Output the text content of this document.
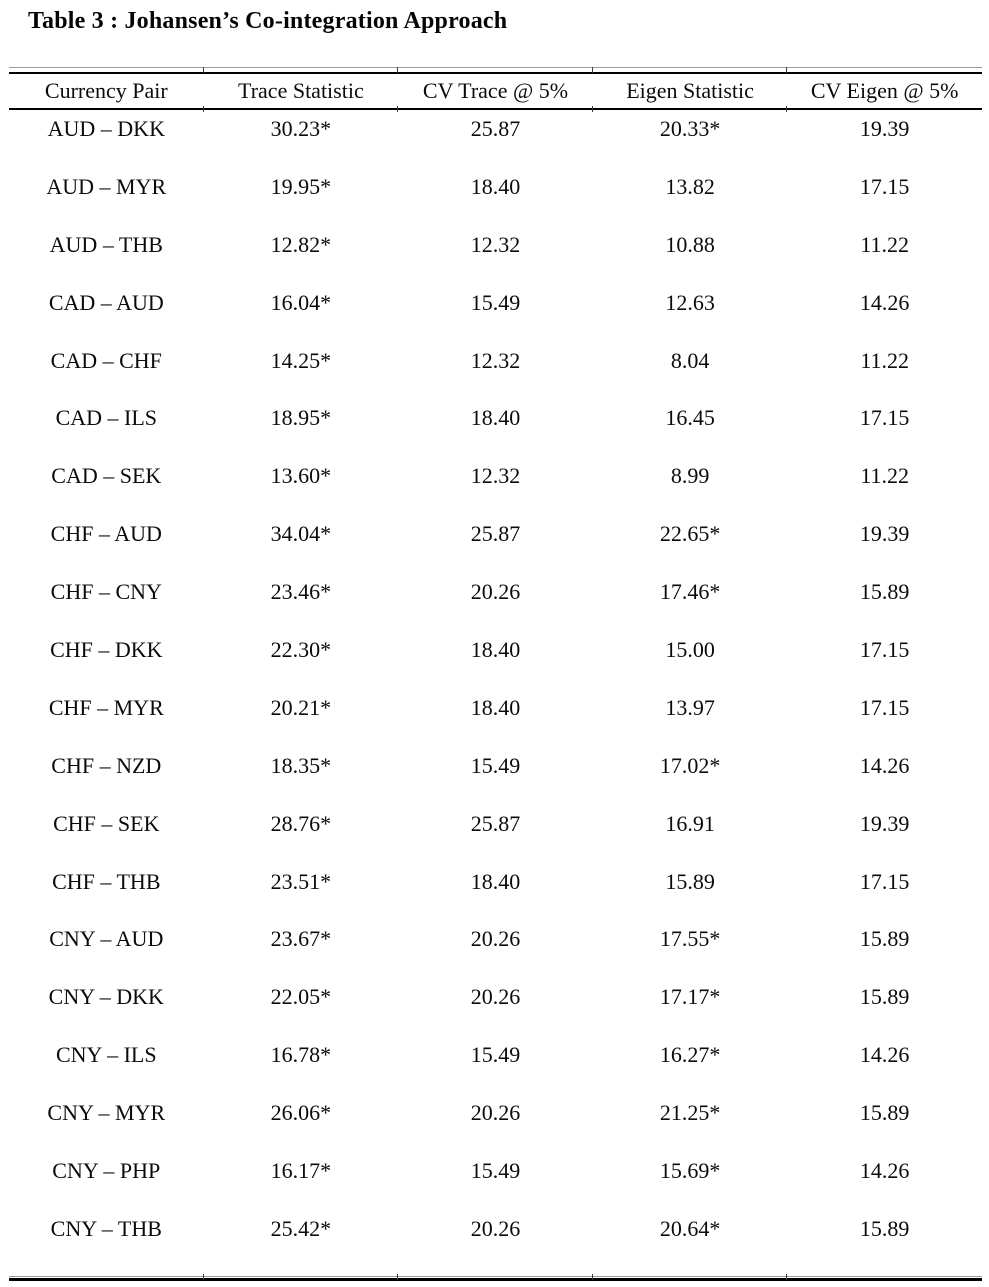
Table 3 : Johansen’s Co-integration Approach
Currency Pair	Trace Statistic	CV Trace @ 5%	Eigen Statistic	CV Eigen @ 5%
AUD – DKK	30.23*	25.87	20.33*	19.39
AUD – MYR	19.95*	18.40	13.82	17.15
AUD – THB	12.82*	12.32	10.88	11.22
CAD – AUD	16.04*	15.49	12.63	14.26
CAD – CHF	14.25*	12.32	8.04	11.22
CAD – ILS	18.95*	18.40	16.45	17.15
CAD – SEK	13.60*	12.32	8.99	11.22
CHF – AUD	34.04*	25.87	22.65*	19.39
CHF – CNY	23.46*	20.26	17.46*	15.89
CHF – DKK	22.30*	18.40	15.00	17.15
CHF – MYR	20.21*	18.40	13.97	17.15
CHF – NZD	18.35*	15.49	17.02*	14.26
CHF – SEK	28.76*	25.87	16.91	19.39
CHF – THB	23.51*	18.40	15.89	17.15
CNY – AUD	23.67*	20.26	17.55*	15.89
CNY – DKK	22.05*	20.26	17.17*	15.89
CNY – ILS	16.78*	15.49	16.27*	14.26
CNY – MYR	26.06*	20.26	21.25*	15.89
CNY – PHP	16.17*	15.49	15.69*	14.26
CNY – THB	25.42*	20.26	20.64*	15.89
